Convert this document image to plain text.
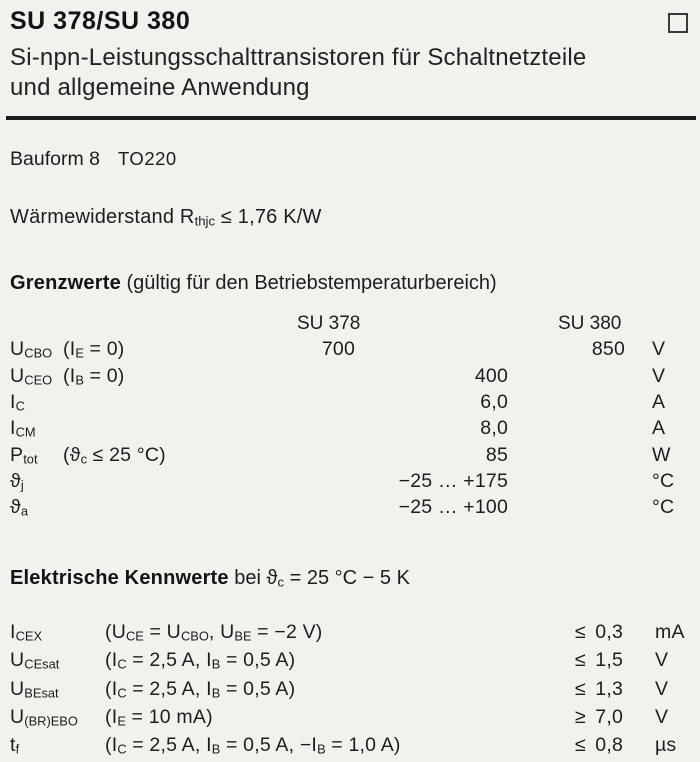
SU 378/SU 380
Si-npn-Leistungsschalttransistoren für Schaltnetzteile
und allgemeine Anwendung
Bauform 8 TO220
Wärmewiderstand $R_{thjc} \le 1,76$ K/W
Grenzwerte (gültig für den Betriebstemperaturbereich)
SU 378	SU 380
$U_{CBO}$ $(I_E = 0)$	700	850	V
$U_{CEO}$ $(I_B = 0)$	400	V
$I_C$	6,0	A
$I_{CM}$	8,0	A
$P_{tot}$	($ϑ_c \le 25$ °C)	85	W
$ϑ_j$	−25 … +175	°C
$ϑ_a$	−25 … +100	°C
Elektrische Kennwerte bei $ϑ_c = 25$ °C − 5 K
$I_{CEX}$	($U_{CE} = U_{CBO}$, $U_{BE} = -2$ V)	≤ 0,3	mA
$U_{CEsat}$	($I_C = 2,5$ A, $I_B = 0,5$ A)	≤ 1,5	V
$U_{BEsat}$	($I_C = 2,5$ A, $I_B = 0,5$ A)	≤ 1,3	V
$U_{(BR)EBO}$	($I_E = 10$ mA)	≥ 7,0	V
$t_f$	($I_C = 2,5$ A, $I_B = 0,5$ A, $-I_B = 1,0$ A)	≤ 0,8	µs
